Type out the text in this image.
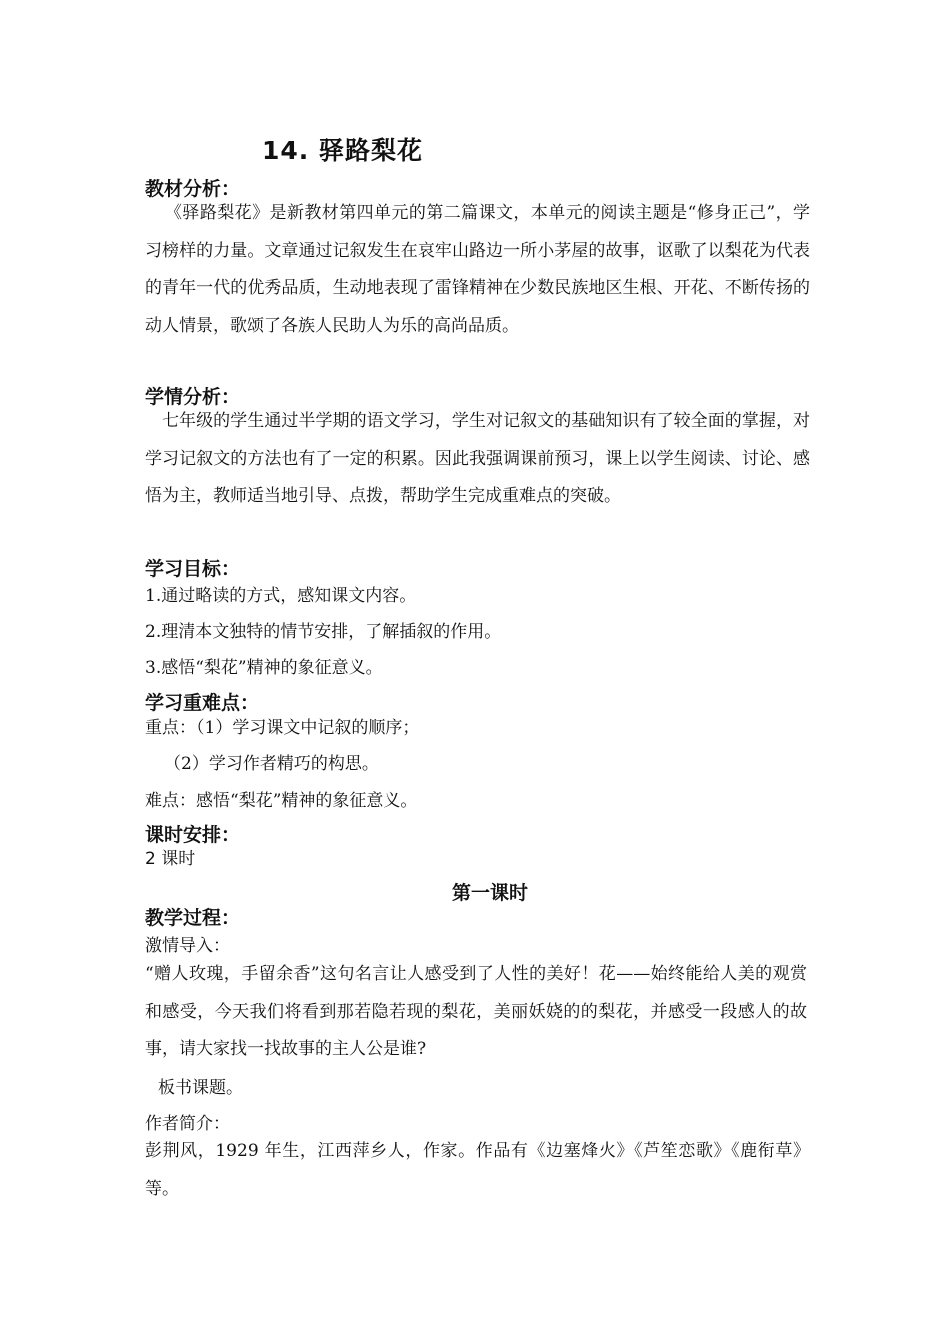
14. 驿路梨花
教材分析：
《驿路梨花》是新教材第四单元的第二篇课文，本单元的阅读主题是“修身正己”，学习榜样的力量。文章通过记叙发生在哀牢山路边一所小茅屋的故事，讴歌了以梨花为代表的青年一代的优秀品质，生动地表现了雷锋精神在少数民族地区生根、开花、不断传扬的动人情景，歌颂了各族人民助人为乐的高尚品质。
学情分析：
七年级的学生通过半学期的语文学习，学生对记叙文的基础知识有了较全面的掌握，对学习记叙文的方法也有了一定的积累。因此我强调课前预习，课上以学生阅读、讨论、感悟为主，教师适当地引导、点拨，帮助学生完成重难点的突破。
学习目标：
1.通过略读的方式，感知课文内容。
2.理清本文独特的情节安排，了解插叙的作用。
3.感悟“梨花”精神的象征意义。
学习重难点：
重点：（1）学习课文中记叙的顺序；
（2）学习作者精巧的构思。
难点：感悟“梨花”精神的象征意义。
课时安排：
2 课时
第一课时
教学过程：
激情导入：
“赠人玫瑰，手留余香”这句名言让人感受到了人性的美好！花——始终能给人美的观赏和感受，今天我们将看到那若隐若现的梨花，美丽妖娆的的梨花，并感受一段感人的故事，请大家找一找故事的主人公是谁?
板书课题。
作者简介：
彭荆风，1929 年生，江西萍乡人，作家。作品有《边塞烽火》《芦笙恋歌》《鹿衔草》等。
